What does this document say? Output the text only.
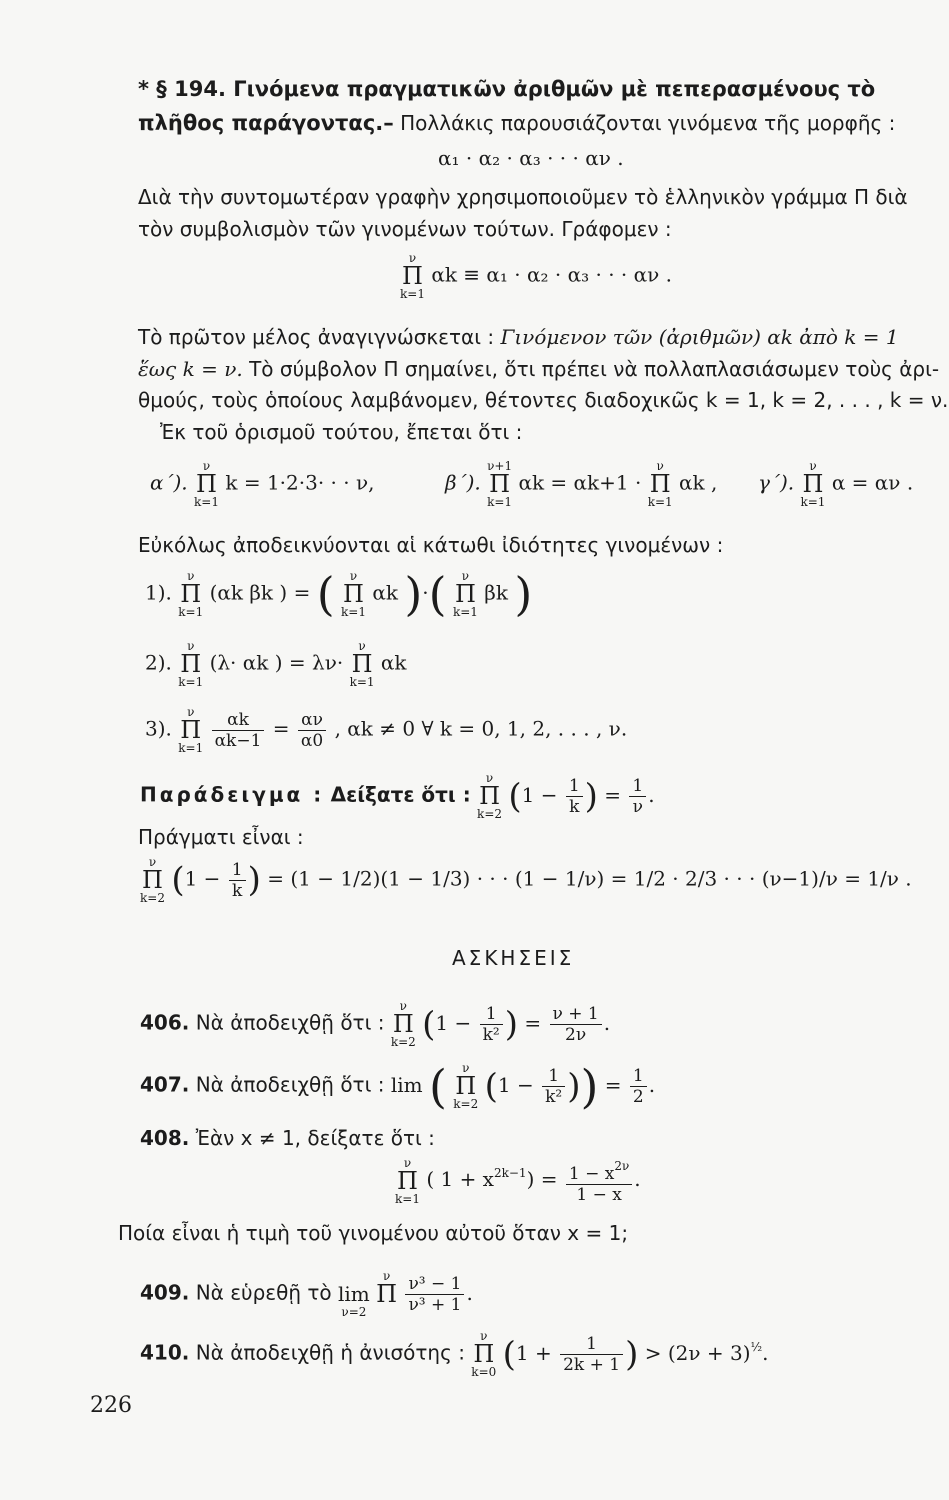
* § 194. Γινόμενα πραγματικῶν ἀριθμῶν μὲ πεπερασμένους τὸ
πλῆθος παράγοντας.– Πολλάκις παρουσιάζονται γινόμενα τῆς μορφῆς :
α₁ · α₂ · α₃ · · · αν .
Διὰ τὴν συντομωτέραν γραφὴν χρησιμοποιοῦμεν τὸ ἑλληνικὸν γράμμα Π διὰ
τὸν συμβολισμὸν τῶν γινομένων τούτων. Γράφομεν :
ν
Π
k=1
αk ≡ α₁ · α₂ · α₃ · · · αν .
Τὸ πρῶτον μέλος ἀναγιγνώσκεται : Γινόμενον τῶν (ἀριθμῶν) αk ἀπὸ k = 1
ἕως k = ν. Τὸ σύμβολον Π σημαίνει, ὅτι πρέπει νὰ πολλαπλασιάσωμεν τοὺς ἀρι-
θμούς, τοὺς ὁποίους λαμβάνομεν, θέτοντες διαδοχικῶς k = 1, k = 2, . . . , k = ν.
Ἐκ τοῦ ὁρισμοῦ τούτου, ἔπεται ὅτι :
α΄).
ν
Π
k=1
k = 1·2·3· · · ν,	β΄).
ν+1
Π
k=1
αk = αk+1 ·
ν
Π
k=1
αk , γ΄).
ν
Π
k=1
α = αν .
Εὐκόλως ἀποδεικνύονται αἱ κάτωθι ἰδιότητες γινομένων :
1).
ν
Π
k=1
(αk βk ) = (	ν
Π
k=1
αk )·(	ν
Π
k=1
βk )
2).
ν
Π
k=1
(λ· αk ) = λν·
ν
Π
k=1
αk
3).
ν
Π
k=1
$\frac{\alpha k}{\alpha k-1} = \frac{\alpha\nu}{\alpha 0}$ , αk ≠ 0 ∀ k = 0, 1, 2, . . . , ν.
Παράδειγμα : Δείξατε ὅτι :
ν
Π
k=2 ($1 - \frac{1}{k}$ ) = $\frac{1}{\nu}$ .
Πράγματι εἶναι :
ν
Π
k=2 ($1 - \frac{1}{k}$ ) = (1 − 1/2)(1 − 1/3) · · · (1 − 1/ν) = 1/2 · 2/3 · · · (ν−1)/ν = 1/ν .
ΑΣΚΗΣΕΙΣ
406. Νὰ ἀποδειχθῇ ὅτι :
ν
Π
k=2 ($1 - \frac{1}{\text{k²}}$ ) = $\frac{\nu + 1}{2\nu}$ .
407. Νὰ ἀποδειχθῇ ὅτι : lim (	ν
Π
k=2 ($1 - \frac{1}{\text{k²}}$ )) = $\frac{1}{2}$ .
408. Ἐὰν x ≠ 1, δείξατε ὅτι :
ν
Π
k=1
( $1 + x^{2k-1}) = \frac{1 - x^{2\nu}}{1 - x}$ .
Ποία εἶναι ἡ τιμὴ τοῦ γινομένου αὐτοῦ ὅταν x = 1;
409. Νὰ εὑρεθῇ τὸ
lim
ν=2

ν
Π

$\frac{\text{ν³ − 1}}{\text{ν³ + 1}}$ .
410. Νὰ ἀποδειχθῇ ἡ ἀνισότης :
ν
Π
k=0 ($1 + \frac{1}{2k + 1}$ ) > $(2\nu + 3)^{\frac{1}{2}}$.
226
